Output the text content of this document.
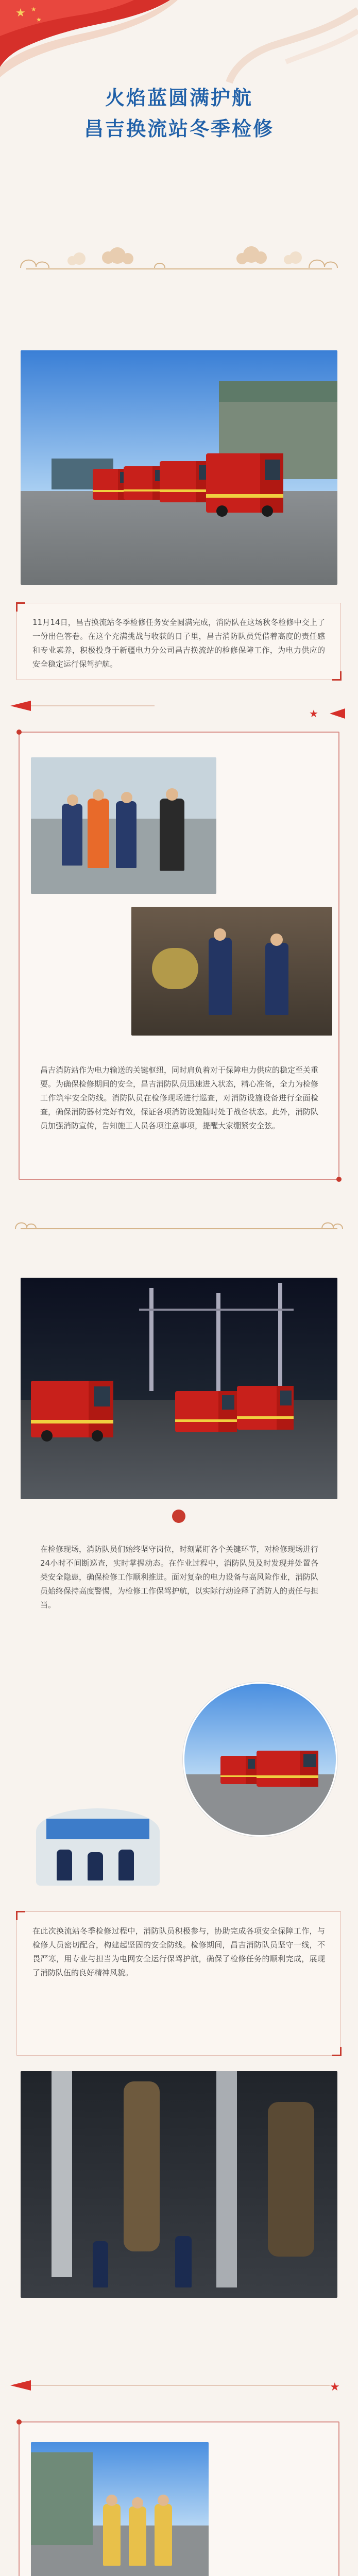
★ ★
★
火焰蓝圆满护航
昌吉换流站冬季检修

11月14日，昌吉换流站冬季检修任务安全圆满完成，消防队在这场秋冬检修中交上了一份出色答卷。在这个充满挑战与收获的日子里，昌吉消防队员凭借着高度的责任感和专业素养，积极投身于新疆电力分公司昌吉换流站的检修保障工作，为电力供应的安全稳定运行保驾护航。

★

昌吉消防站作为电力输送的关键枢纽，同时肩负着对于保障电力供应的稳定至关重要。为确保检修期间的安全，昌吉消防队员迅速进入状态，精心准备，全力为检修工作筑牢安全防线。消防队员在检修现场进行巡查，对消防设施设备进行全面检查，确保消防器材完好有效，保证各项消防设施随时处于战备状态。此外，消防队员加强消防宣传，告知施工人员各项注意事项，提醒大家绷紧安全弦。

在检修现场，消防队员们始终坚守岗位，时刻紧盯各个关键环节，对检修现场进行24小时不间断巡查，实时掌握动态。在作业过程中，消防队员及时发现并处置各类安全隐患，确保检修工作顺利推进。面对复杂的电力设备与高风险作业，消防队员始终保持高度警惕，为检修工作保驾护航，以实际行动诠释了消防人的责任与担当。

在此次换流站冬季检修过程中，消防队员积极参与，协助完成各项安全保障工作，与检修人员密切配合，构建起坚固的安全防线。检修期间，昌吉消防队员坚守一线，不畏严寒，用专业与担当为电网安全运行保驾护航，确保了检修任务的顺利完成，展现了消防队伍的良好精神风貌。

★
